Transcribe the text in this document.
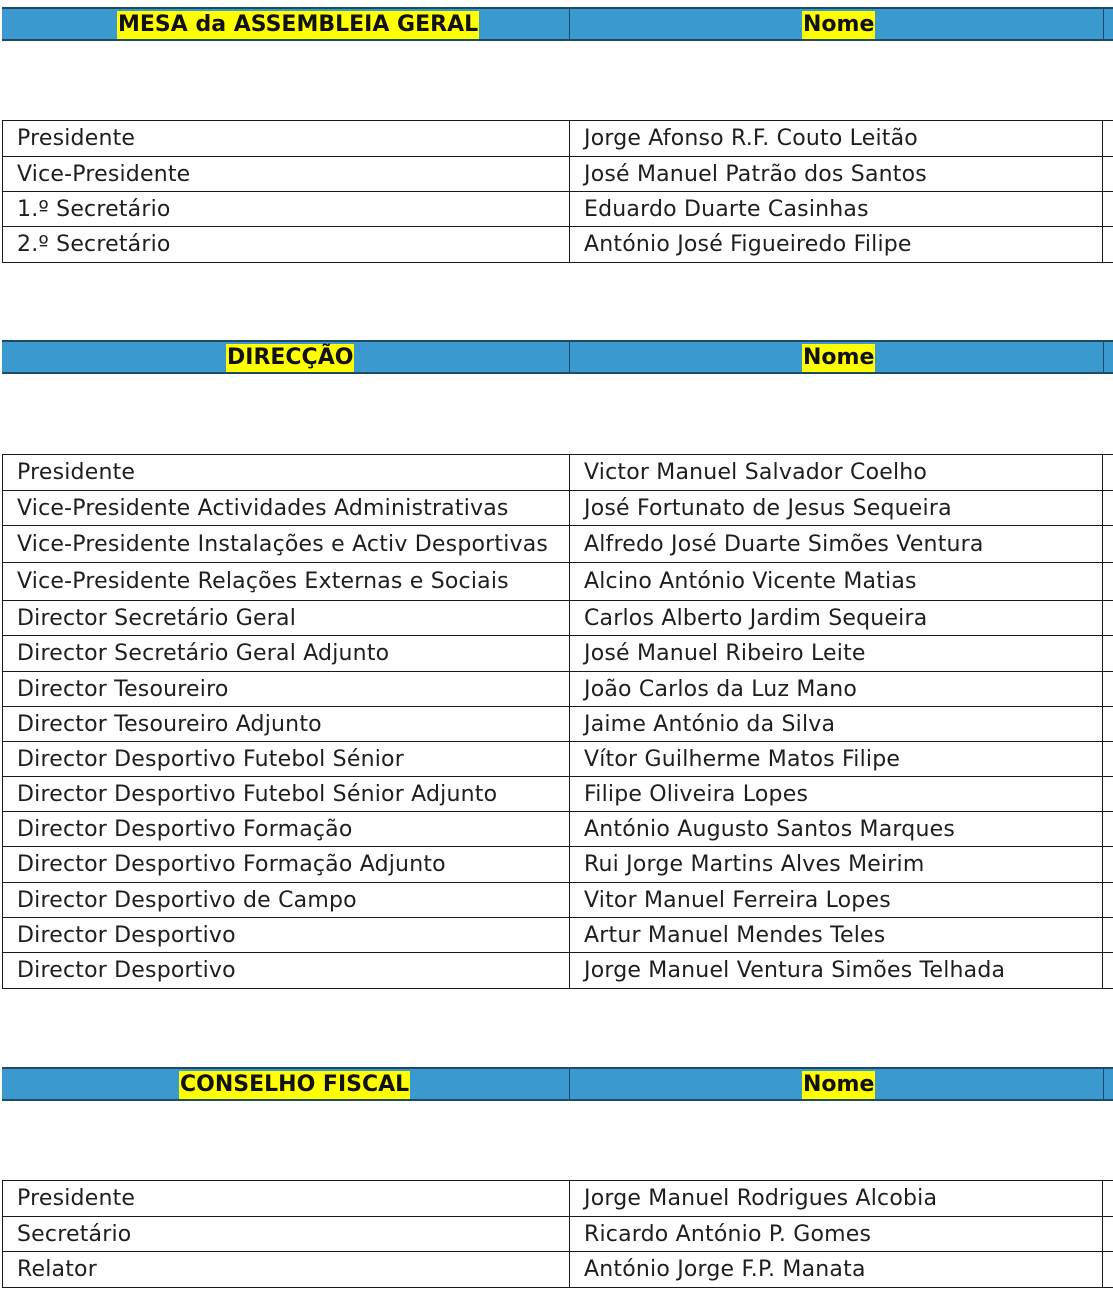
MESA da ASSEMBLEIA GERAL	Nome
Presidente	Jorge Afonso R.F. Couto Leitão	
Vice-Presidente	José Manuel Patrão dos Santos	
1.º Secretário	Eduardo Duarte Casinhas	
2.º Secretário	António José Figueiredo Filipe	
DIRECÇÃO	Nome
Presidente	Victor Manuel Salvador Coelho	
Vice-Presidente Actividades Administrativas	José Fortunato de Jesus Sequeira	
Vice-Presidente Instalações e Activ Desportivas	Alfredo José Duarte Simões Ventura	
Vice-Presidente Relações Externas e Sociais	Alcino António Vicente Matias	
Director Secretário Geral	Carlos Alberto Jardim Sequeira	
Director Secretário Geral Adjunto	José Manuel Ribeiro Leite	
Director Tesoureiro	João Carlos da Luz Mano	
Director Tesoureiro Adjunto	Jaime António da Silva	
Director Desportivo Futebol Sénior	Vítor Guilherme Matos Filipe	
Director Desportivo Futebol Sénior Adjunto	Filipe Oliveira Lopes	
Director Desportivo Formação	António Augusto Santos Marques	
Director Desportivo Formação Adjunto	Rui Jorge Martins Alves Meirim	
Director Desportivo de Campo	Vitor Manuel Ferreira Lopes	
Director Desportivo	Artur Manuel Mendes Teles	
Director Desportivo	Jorge Manuel Ventura Simões Telhada	
CONSELHO FISCAL	Nome
Presidente	Jorge Manuel Rodrigues Alcobia	
Secretário	Ricardo António P. Gomes	
Relator	António Jorge F.P. Manata	
